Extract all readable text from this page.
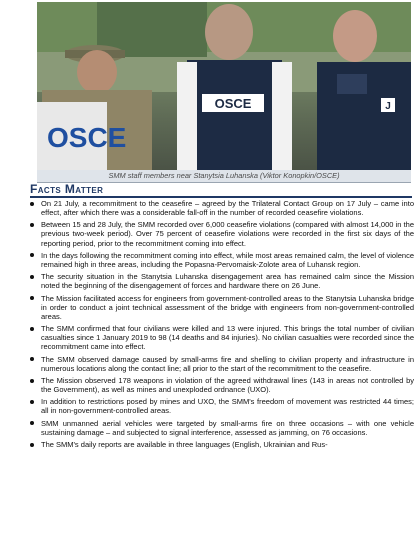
OSCE
OSCE	J
SMM staff members near Stanytsia Luhanska (Viktor Konopkin/OSCE)
Facts Matter
On 21 July, a recommitment to the ceasefire – agreed by the Trilateral Contact Group on 17 July – came into effect, after which there was a considerable fall-off in the number of recorded ceasefire violations.
Between 15 and 28 July, the SMM recorded over 6,000 ceasefire violations (compared with almost 14,000 in the previous two-week period). Over 75 percent of ceasefire violations were recorded in the first six days of the reporting period, prior to the recommitment coming into effect.
In the days following the recommitment coming into effect, while most areas remained calm, the level of violence remained high in three areas, including the Popasna-Pervomaisk-Zolote area of Luhansk region.
The security situation in the Stanytsia Luhanska disengagement area has remained calm since the Mission noted the beginning of the disengagement of forces and hardware there on 26 June.
The Mission facilitated access for engineers from government-controlled areas to the Stanytsia Luhanska bridge in order to conduct a joint technical assessment of the bridge with engineers from non-government-controlled areas.
The SMM confirmed that four civilians were killed and 13 were injured. This brings the total number of civilian casualties since 1 January 2019 to 98 (14 deaths and 84 injuries). No civilian casualties were recorded since the recommitment came into effect.
The SMM observed damage caused by small-arms fire and shelling to civilian property and infrastructure in numerous locations along the contact line; all prior to the start of the recommitment to the ceasefire.
The Mission observed 178 weapons in violation of the agreed withdrawal lines (143 in areas not controlled by the Government), as well as mines and unexploded ordnance (UXO).
In addition to restrictions posed by mines and UXO, the SMM's freedom of movement was restricted 44 times; all in non-government-controlled areas.
SMM unmanned aerial vehicles were targeted by small-arms fire on three occasions – with one vehicle sustaining damage – and subjected to signal interference, assessed as jamming, on 76 occasions.
The SMM's daily reports are available in three languages (English, Ukrainian and Rus-
